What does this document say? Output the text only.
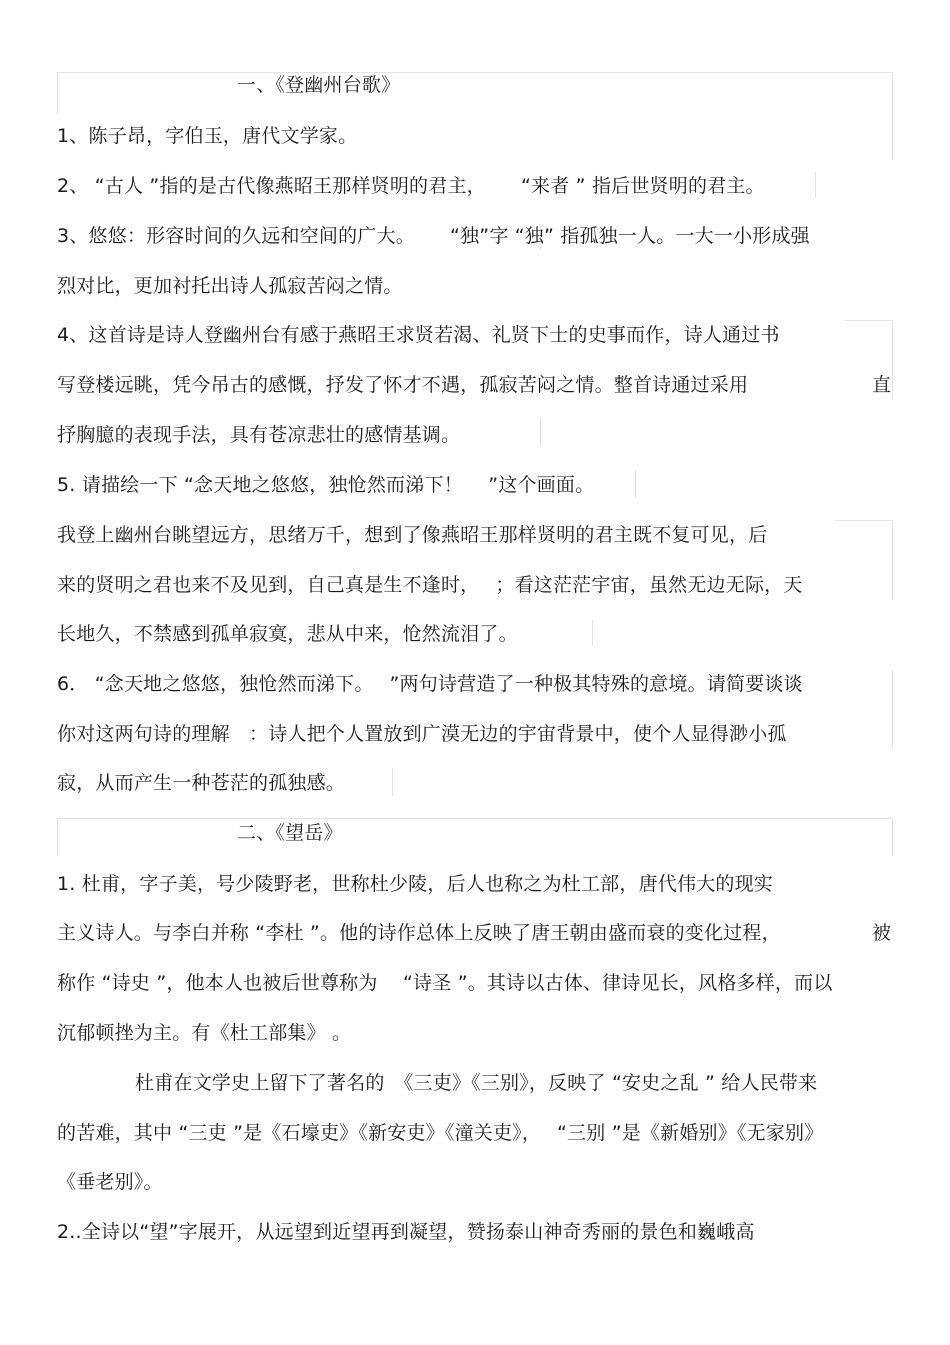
一、《登幽州台歌》
1、陈子昂，字伯玉，唐代文学家。
2、 “古人 ”指的是古代像燕昭王那样贤明的君主，　　 “来者 ” 指后世贤明的君主。
3、悠悠：形容时间的久远和空间的广大。　　 “独”字 “独” 指孤独一人。一大一小形成强
烈对比，更加衬托出诗人孤寂苦闷之情。
4、这首诗是诗人登幽州台有感于燕昭王求贤若渴、礼贤下士的史事而作，诗人通过书
写登楼远眺，凭今吊古的感慨，抒发了怀才不遇，孤寂苦闷之情。整首诗通过采用	直
抒胸臆的表现手法，具有苍凉悲壮的感情基调。
5. 请描绘一下 “念天地之悠悠，独怆然而涕下！　 ”这个画面。
我登上幽州台眺望远方，思绪万千，想到了像燕昭王那样贤明的君主既不复可见，后
来的贤明之君也来不及见到，自己真是生不逢时，　 ；看这茫茫宇宙，虽然无边无际，天
长地久，不禁感到孤单寂寞，悲从中来，怆然流泪了。
6． “念天地之悠悠，独怆然而涕下。　 ”两句诗营造了一种极其特殊的意境。请简要谈谈
你对这两句诗的理解　：诗人把个人置放到广漠无边的宇宙背景中，使个人显得渺小孤
寂，从而产生一种苍茫的孤独感。
二、《望岳》
1. 杜甫，字子美，号少陵野老，世称杜少陵，后人也称之为杜工部，唐代伟大的现实
主义诗人。与李白并称 “李杜 ”。他的诗作总体上反映了唐王朝由盛而衰的变化过程，	被
称作 “诗史 ”，他本人也被后世尊称为　 “诗圣 ”。其诗以古体、律诗见长，风格多样，而以
沉郁顿挫为主。有《杜工部集》 。
杜甫在文学史上留下了著名的　《三吏》《三别》，反映了 “安史之乱 ” 给人民带来
的苦难，其中 “三吏 ”是《石壕吏》《新安吏》《潼关吏》，　 “三别 ”是《新婚别》《无家别》
《垂老别》。
2..全诗以“望”字展开，从远望到近望再到凝望，赞扬泰山神奇秀丽的景色和巍峨高
